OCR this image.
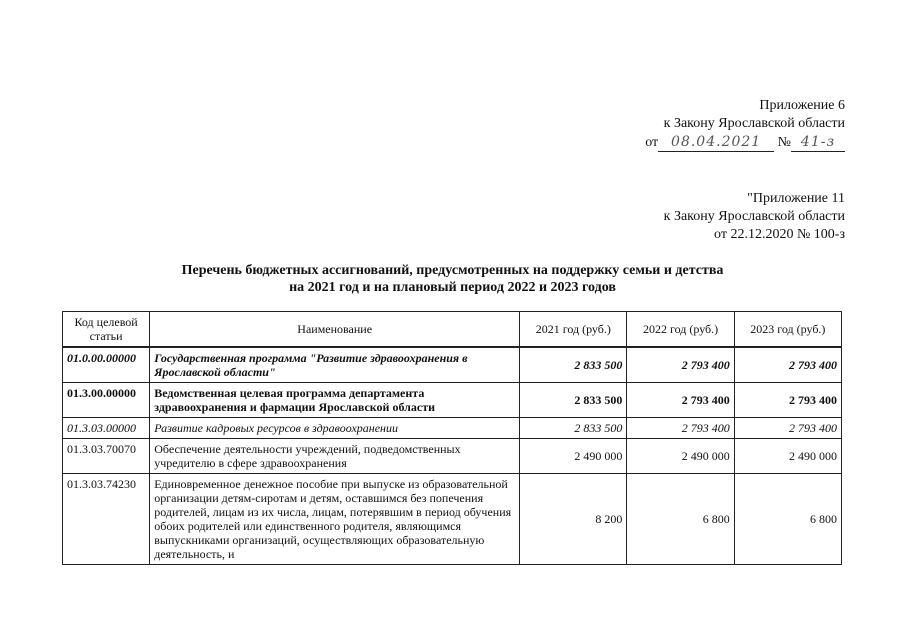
Приложение 6
к Закону Ярославской области
от 08.04.2021 № 41-з
"Приложение 11
к Закону Ярославской области
от 22.12.2020 № 100-з
Перечень бюджетных ассигнований, предусмотренных на поддержку семьи и детства
на 2021 год и на плановый период 2022 и 2023 годов
Код целевой статьи	Наименование	2021 год (руб.)	2022 год (руб.)	2023 год (руб.)
01.0.00.00000	Государственная программа "Развитие здравоохранения в Ярославской области"	2 833 500	2 793 400	2 793 400
01.3.00.00000	Ведомственная целевая программа департамента здравоохранения и фармации Ярославской области	2 833 500	2 793 400	2 793 400
01.3.03.00000	Развитие кадровых ресурсов в здравоохранении	2 833 500	2 793 400	2 793 400
01.3.03.70070	Обеспечение деятельности учреждений, подведомственных учредителю в сфере здравоохранения	2 490 000	2 490 000	2 490 000
01.3.03.74230	Единовременное денежное пособие при выпуске из образовательной организации детям-сиротам и детям, оставшимся без попечения родителей, лицам из их числа, лицам, потерявшим в период обучения обоих родителей или единственного родителя, являющимся выпускниками организаций, осуществляющих образовательную деятельность, и	8 200	6 800	6 800
